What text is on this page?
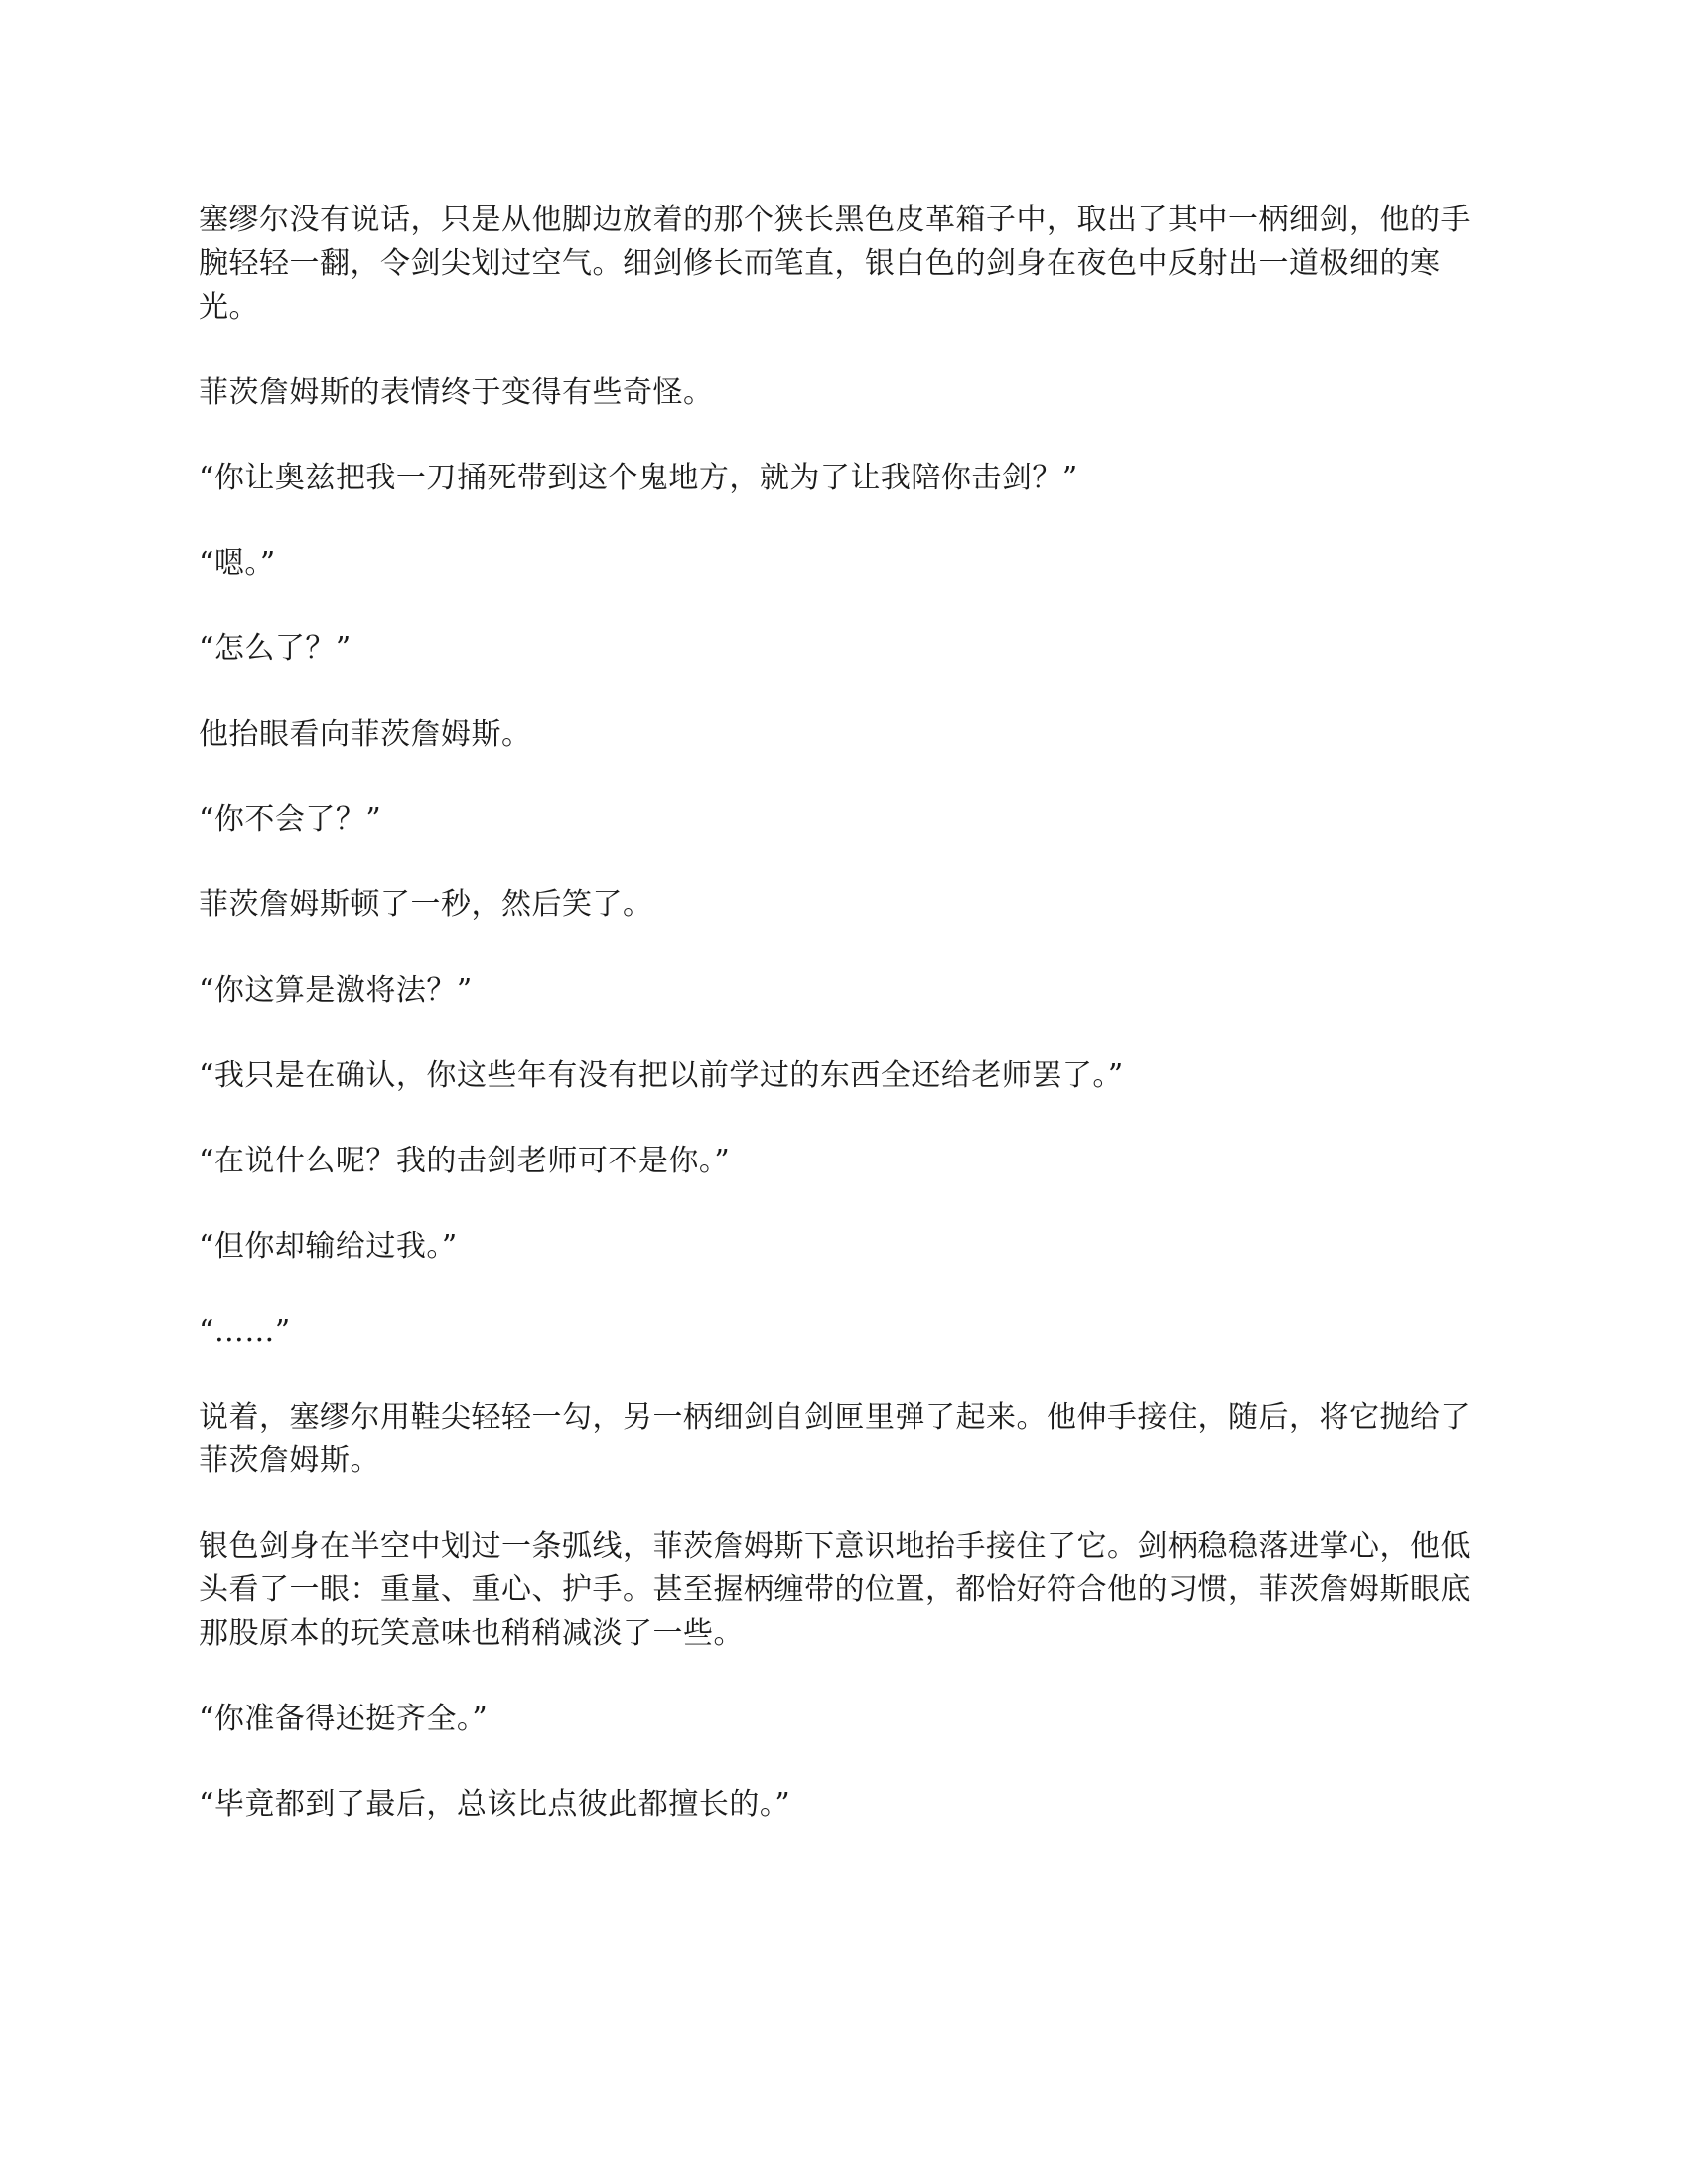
塞缪尔没有说话，只是从他脚边放着的那个狭长黑色皮革箱子中，取出了其中一柄细剑，他的手腕轻轻一翻，令剑尖划过空气。细剑修长而笔直，银白色的剑身在夜色中反射出一道极细的寒光。

菲茨詹姆斯的表情终于变得有些奇怪。

“你让奥兹把我一刀捅死带到这个鬼地方，就为了让我陪你击剑？”

“嗯。”

“怎么了？”

他抬眼看向菲茨詹姆斯。

“你不会了？”

菲茨詹姆斯顿了一秒，然后笑了。

“你这算是激将法？”

“我只是在确认，你这些年有没有把以前学过的东西全还给老师罢了。”

“在说什么呢？我的击剑老师可不是你。”

“但你却输给过我。”

“……”

说着，塞缪尔用鞋尖轻轻一勾，另一柄细剑自剑匣里弹了起来。他伸手接住，随后，将它抛给了菲茨詹姆斯。

银色剑身在半空中划过一条弧线，菲茨詹姆斯下意识地抬手接住了它。剑柄稳稳落进掌心，他低头看了一眼：重量、重心、护手。甚至握柄缠带的位置，都恰好符合他的习惯，菲茨詹姆斯眼底那股原本的玩笑意味也稍稍减淡了一些。

“你准备得还挺齐全。”

“毕竟都到了最后，总该比点彼此都擅长的。”
